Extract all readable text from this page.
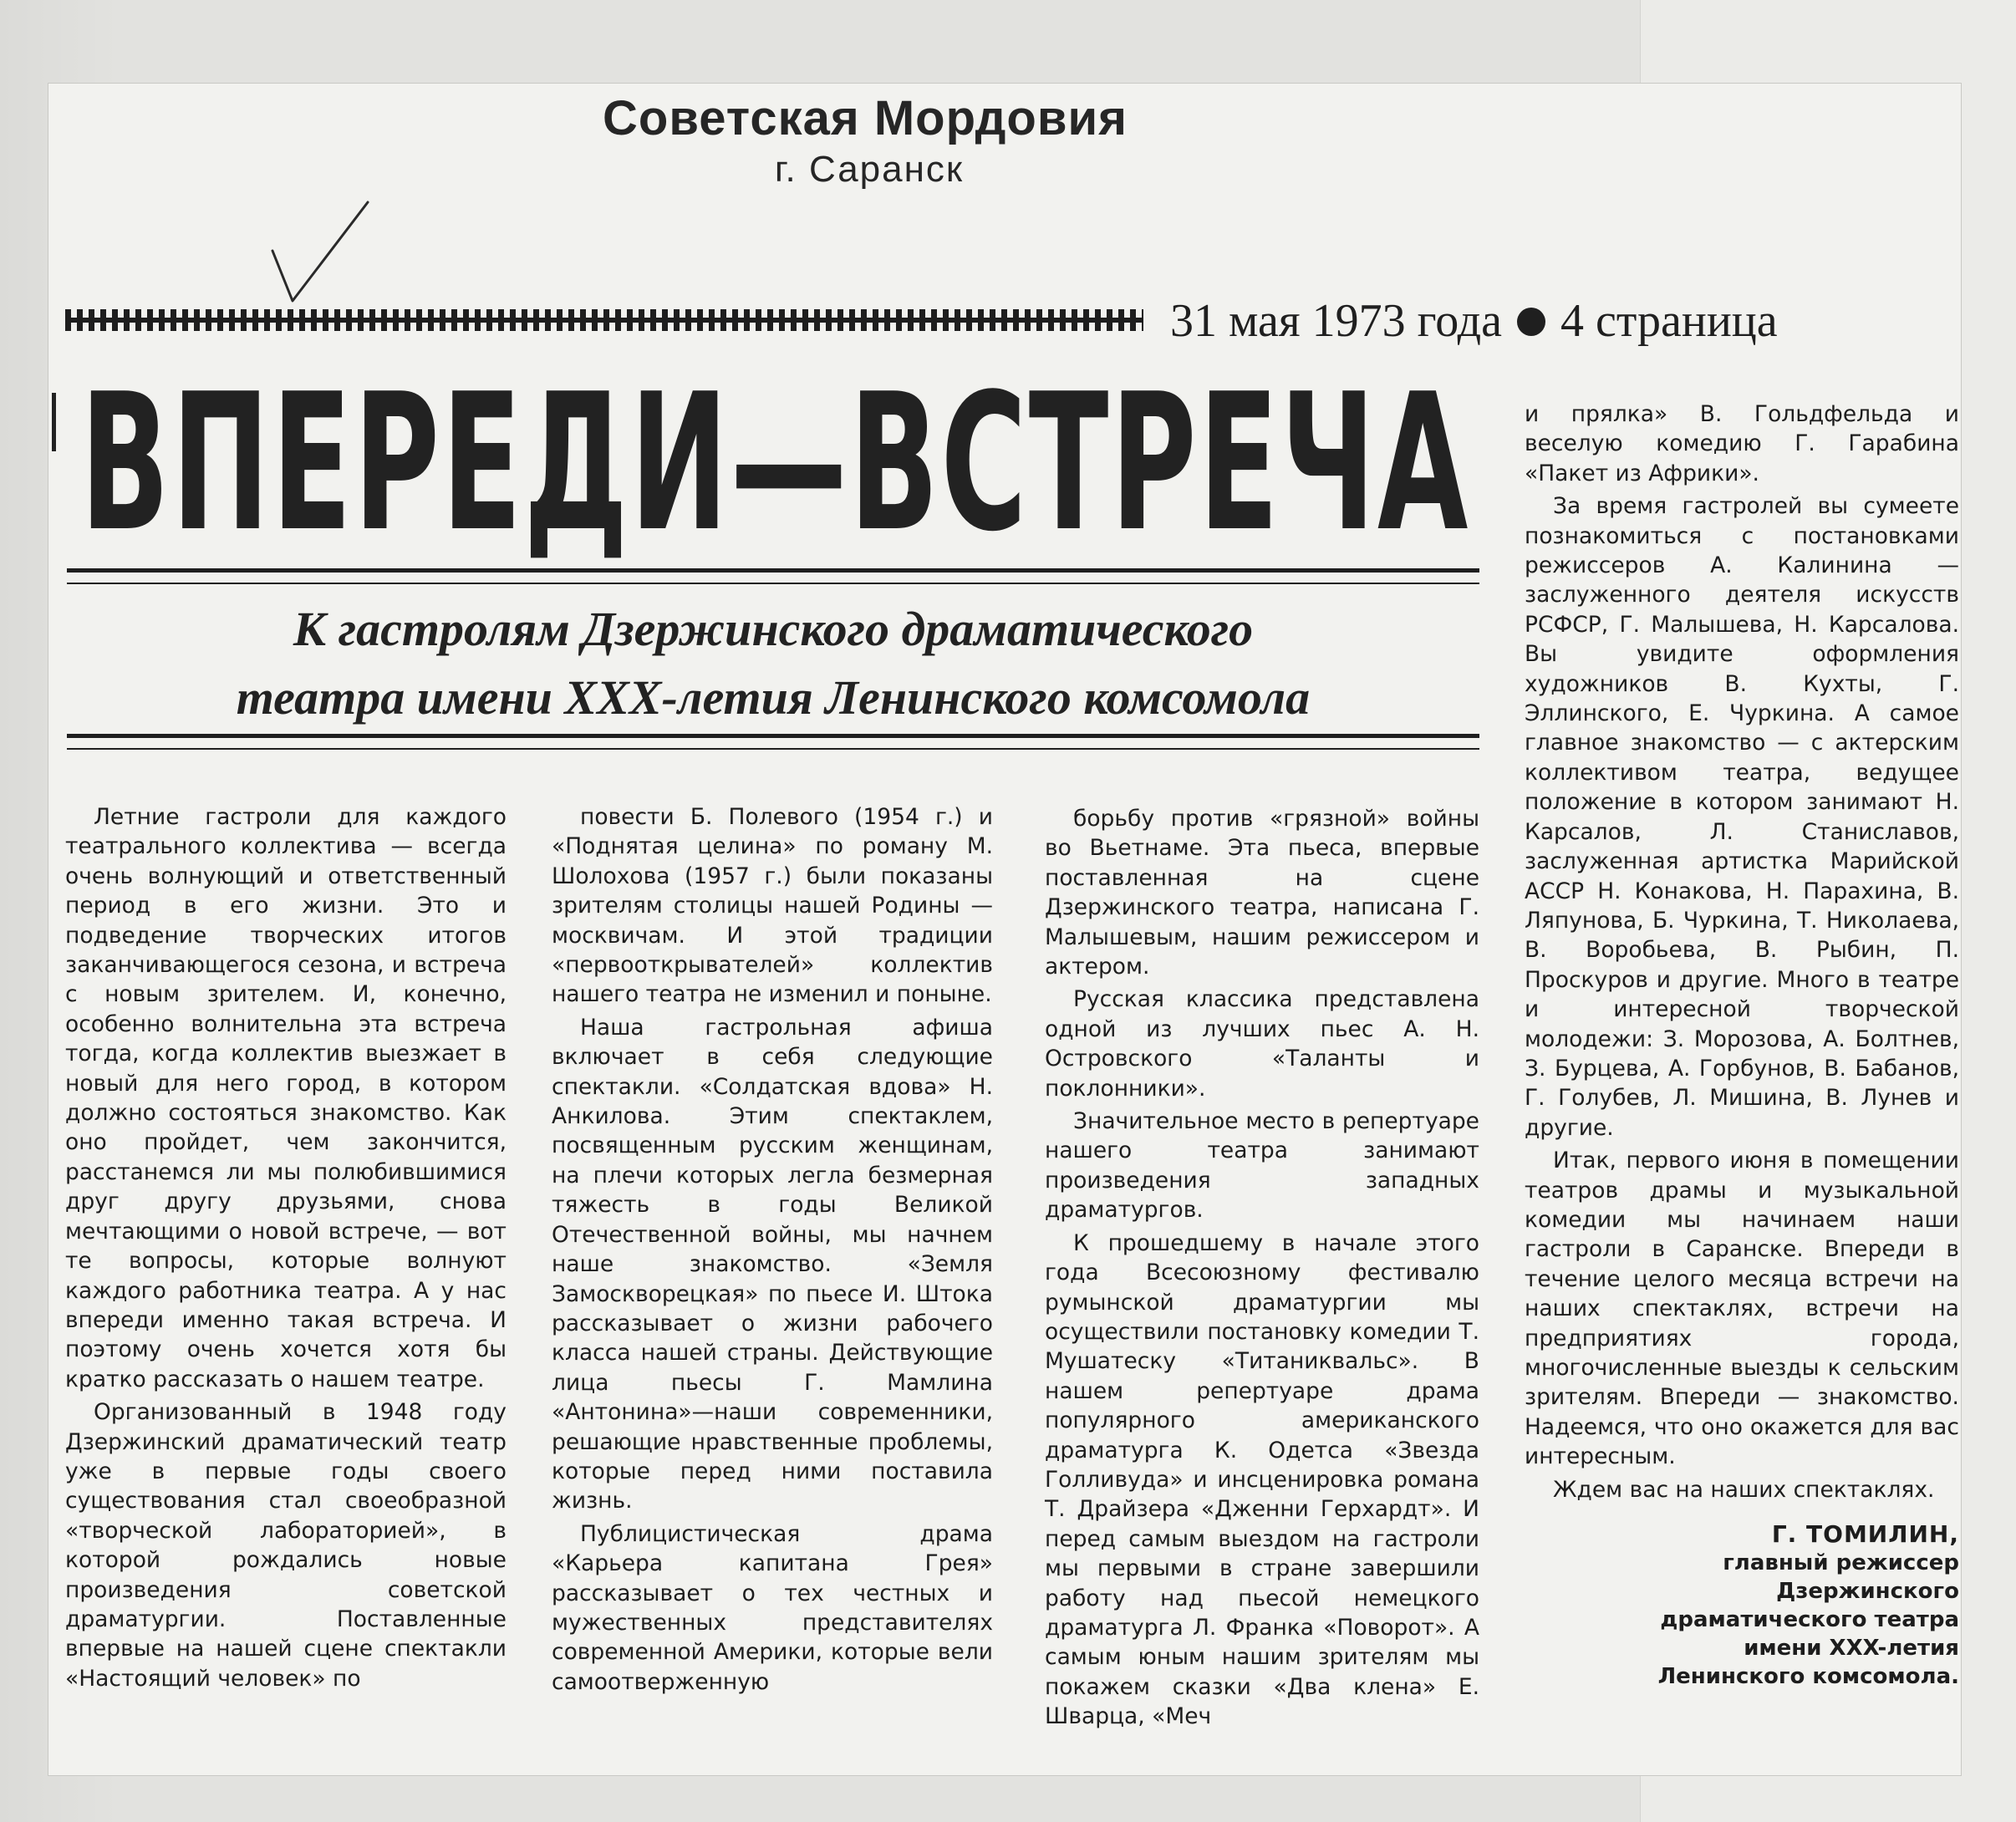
Советская Мордовия
г. Саранск
31 мая 1973 года 4 страница
ВПЕРЕДИ—ВСТРЕЧА
К гастролям Дзержинского драматического
театра имени XXX-летия Ленинского комсомола

Летние гастроли для каждого театрального коллектива — всегда очень волнующий и ответственный период в его жизни. Это и подведение творческих итогов заканчивающегося сезона, и встреча с новым зрителем. И, конечно, особенно волнительна эта встреча тогда, когда коллектив выезжает в новый для него город, в котором должно состояться знакомство. Как оно пройдет, чем закончится, расстанемся ли мы полюбившимися друг другу друзьями, снова мечтающими о новой встрече, — вот те вопросы, которые волнуют каждого работника театра. А у нас впереди именно такая встреча. И поэтому очень хочется хотя бы кратко рассказать о нашем театре.

Организованный в 1948 году Дзержинский драматический театр уже в первые годы своего существования стал своеобразной «творческой лабораторией», в которой рождались новые произведения советской драматургии. Поставленные впервые на нашей сцене спектакли «Настоящий человек» по

повести Б. Полевого (1954 г.) и «Поднятая целина» по роману М. Шолохова (1957 г.) были показаны зрителям столицы нашей Родины — москвичам. И этой традиции «первооткрывателей» коллектив нашего театра не изменил и поныне.

Наша гастрольная афиша включает в себя следующие спектакли. «Солдатская вдова» Н. Анкилова. Этим спектаклем, посвященным русским женщинам, на плечи которых легла безмерная тяжесть в годы Великой Отечественной войны, мы начнем наше знакомство. «Земля Замоскворецкая» по пьесе И. Штока рассказывает о жизни рабочего класса нашей страны. Действующие лица пьесы Г. Мамлина «Антонина»—наши современники, решающие нравственные проблемы, которые перед ними поставила жизнь.

Публицистическая драма «Карьера капитана Грея» рассказывает о тех честных и мужественных представителях современной Америки, которые вели самоотверженную

борьбу против «грязной» войны во Вьетнаме. Эта пьеса, впервые поставленная на сцене Дзержинского театра, написана Г. Малышевым, нашим режиссером и актером.

Русская классика представлена одной из лучших пьес А. Н. Островского «Таланты и поклонники».

Значительное место в репертуаре нашего театра занимают произведения западных драматургов.

К прошедшему в начале этого года Всесоюзному фестивалю румынской драматургии мы осуществили постановку комедии Т. Мушатеску «Титаниквальс». В нашем репертуаре драма популярного американского драматурга К. Одетса «Звезда Голливуда» и инсценировка романа Т. Драйзера «Дженни Герхардт». И перед самым выездом на гастроли мы первыми в стране завершили работу над пьесой немецкого драматурга Л. Франка «Поворот». А самым юным нашим зрителям мы покажем сказки «Два клена» Е. Шварца, «Меч

и прялка» В. Гольдфельда и веселую комедию Г. Гарабина «Пакет из Африки».

За время гастролей вы сумеете познакомиться с постановками режиссеров А. Калинина — заслуженного деятеля искусств РСФСР, Г. Малышева, Н. Карсалова. Вы увидите оформления художников В. Кухты, Г. Эллинского, Е. Чуркина. А самое главное знакомство — с актерским коллективом театра, ведущее положение в котором занимают Н. Карсалов, Л. Станиславов, заслуженная артистка Марийской АССР Н. Конакова, Н. Парахина, В. Ляпунова, Б. Чуркина, Т. Николаева, В. Воробьева, В. Рыбин, П. Проскуров и другие. Много в театре и интересной творческой молодежи: З. Морозова, А. Болтнев, З. Бурцева, А. Горбунов, В. Бабанов, Г. Голубев, Л. Мишина, В. Лунев и другие.

Итак, первого июня в помещении театров драмы и музыкальной комедии мы начинаем наши гастроли в Саранске. Впереди в течение целого месяца встречи на наших спектаклях, встречи на предприятиях города, многочисленные выезды к сельским зрителям. Впереди — знакомство. Надеемся, что оно окажется для вас интересным.

Ждем вас на наших спектаклях.

Г. ТОМИЛИН,
главный режиссер
Дзержинского
драматического театра
имени XXX-летия
Ленинского комсомола.
